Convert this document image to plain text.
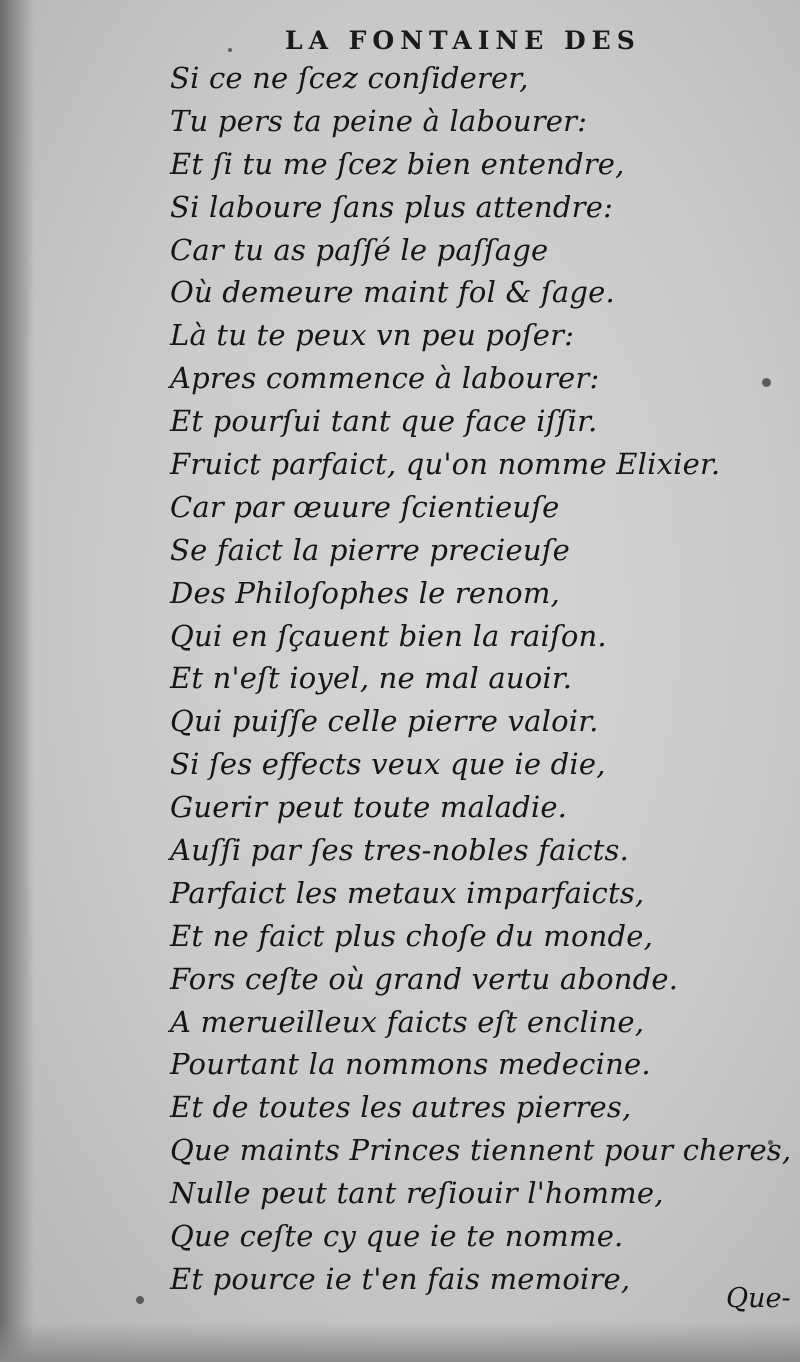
LA FONTAINE DES
Si ce ne ſcez conſiderer,
Tu pers ta peine à labourer:
Et ſi tu me ſcez bien entendre,
Si laboure ſans plus attendre:
Car tu as paſſé le paſſage
Où demeure maint fol & ſage.
Là tu te peux vn peu poſer:
Apres commence à labourer:
Et pourſui tant que face iſſir.
Fruict parfaict, qu'on nomme Elixier.
Car par œuure ſcientieuſe
Se faict la pierre precieuſe
Des Philoſophes le renom,
Qui en ſçauent bien la raiſon.
Et n'eſt ioyel, ne mal auoir.
Qui puiſſe celle pierre valoir.
Si ſes effects veux que ie die,
Guerir peut toute maladie.
Auſſi par ſes tres-nobles faicts.
Parfaict les metaux imparfaicts,
Et ne faict plus choſe du monde,
Fors ceſte où grand vertu abonde.
A merueilleux faicts eſt encline,
Pourtant la nommons medecine.
Et de toutes les autres pierres,
Que maints Princes tiennent pour cheres,
Nulle peut tant reſiouir l'homme,
Que ceſte cy que ie te nomme.
Et pource ie t'en fais memoire,
Que-
